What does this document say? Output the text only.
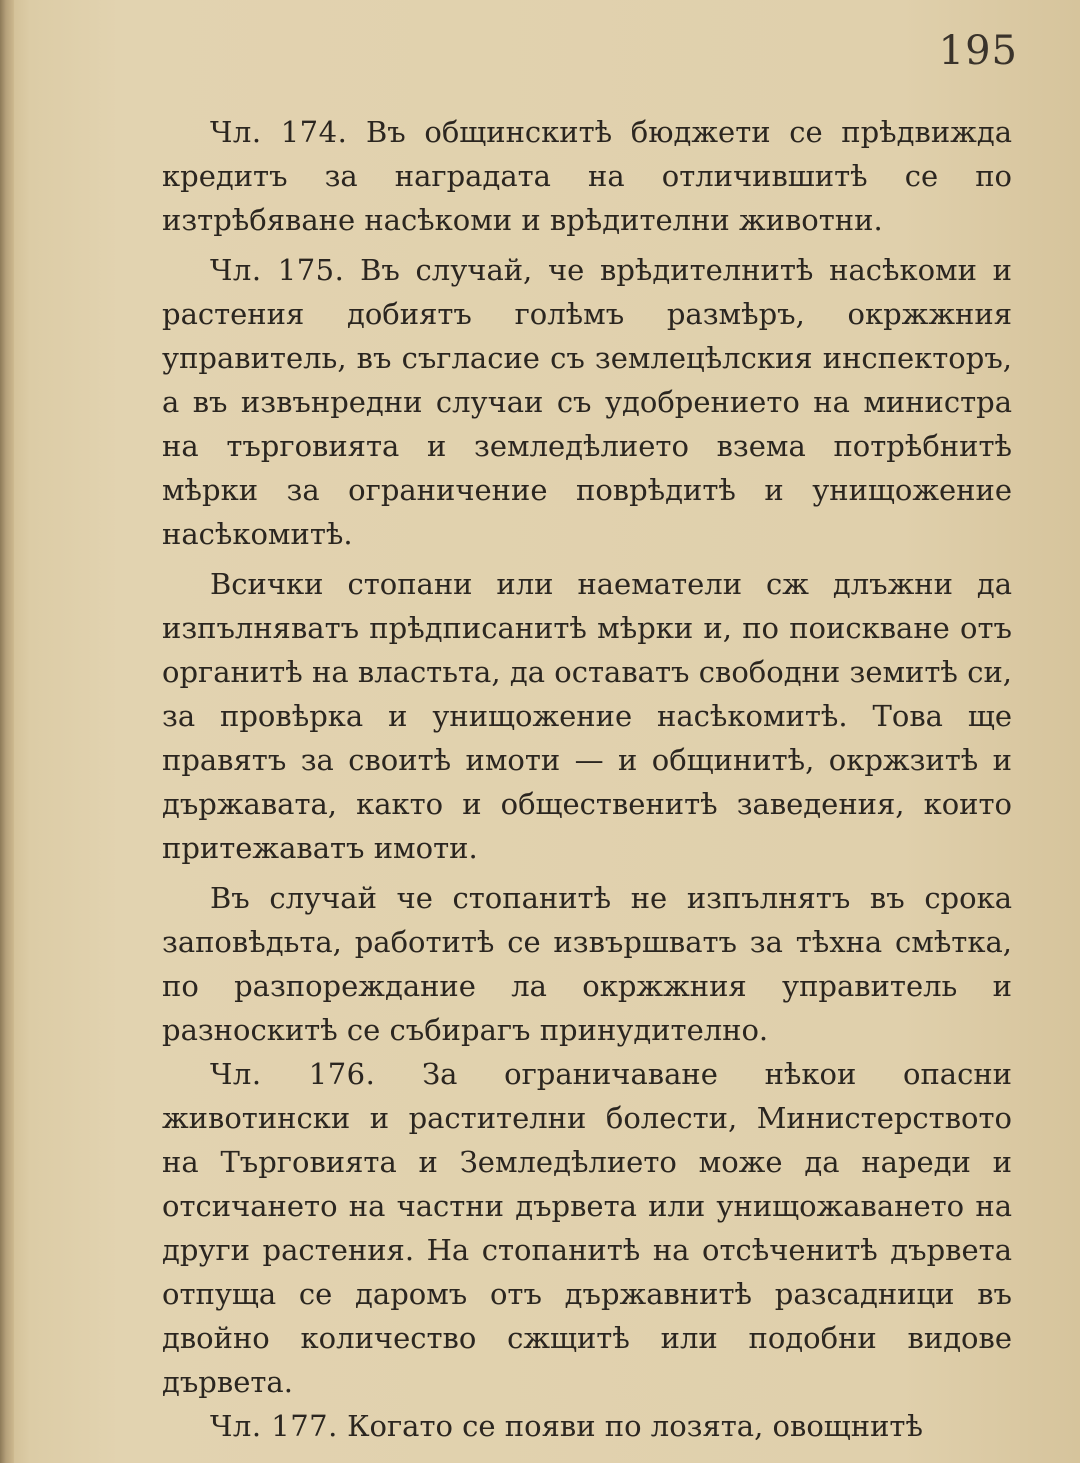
195

Чл. 174. Въ общинскитѣ бюджети се прѣдвижда кредитъ за наградата на отличившитѣ се по изтрѣбяване насѣкоми и врѣдителни животни.

Чл. 175. Въ случай, че врѣдителнитѣ насѣкоми и растения добиятъ голѣмъ размѣръ, окржжния управитель, въ съгласие съ землецѣлския инспекторъ, а въ извънредни случаи съ удобрението на министра на търговията и земледѣлието взема потрѣбнитѣ мѣрки за ограничение поврѣдитѣ и унищожение насѣкомитѣ.

Всички стопани или наематели сж длъжни да изпълняватъ прѣдписанитѣ мѣрки и, по поискване отъ органитѣ на властьта, да оставатъ свободни земитѣ си, за провѣрка и унищожение насѣкомитѣ. Това ще правятъ за своитѣ имоти — и общинитѣ, окржзитѣ и държавата, както и общественитѣ заведения, които притежаватъ имоти.

Въ случай че стопанитѣ не изпълнятъ въ срока заповѣдьта, работитѣ се извършватъ за тѣхна смѣтка, по разпореждание ла окржжния управитель и разноскитѣ се събирагъ принудително.

Чл. 176. За ограничаване нѣкои опасни животински и растителни болести, Министерството на Търговията и Земледѣлието може да нареди и отсичането на частни дървета или унищожаването на други растения. На стопанитѣ на отсѣченитѣ дървета отпуща се даромъ отъ държавнитѣ разсадници въ двойно количество сжщитѣ или подобни видове дървета.

Чл. 177. Когато се появи по лозята, овощнитѣ
